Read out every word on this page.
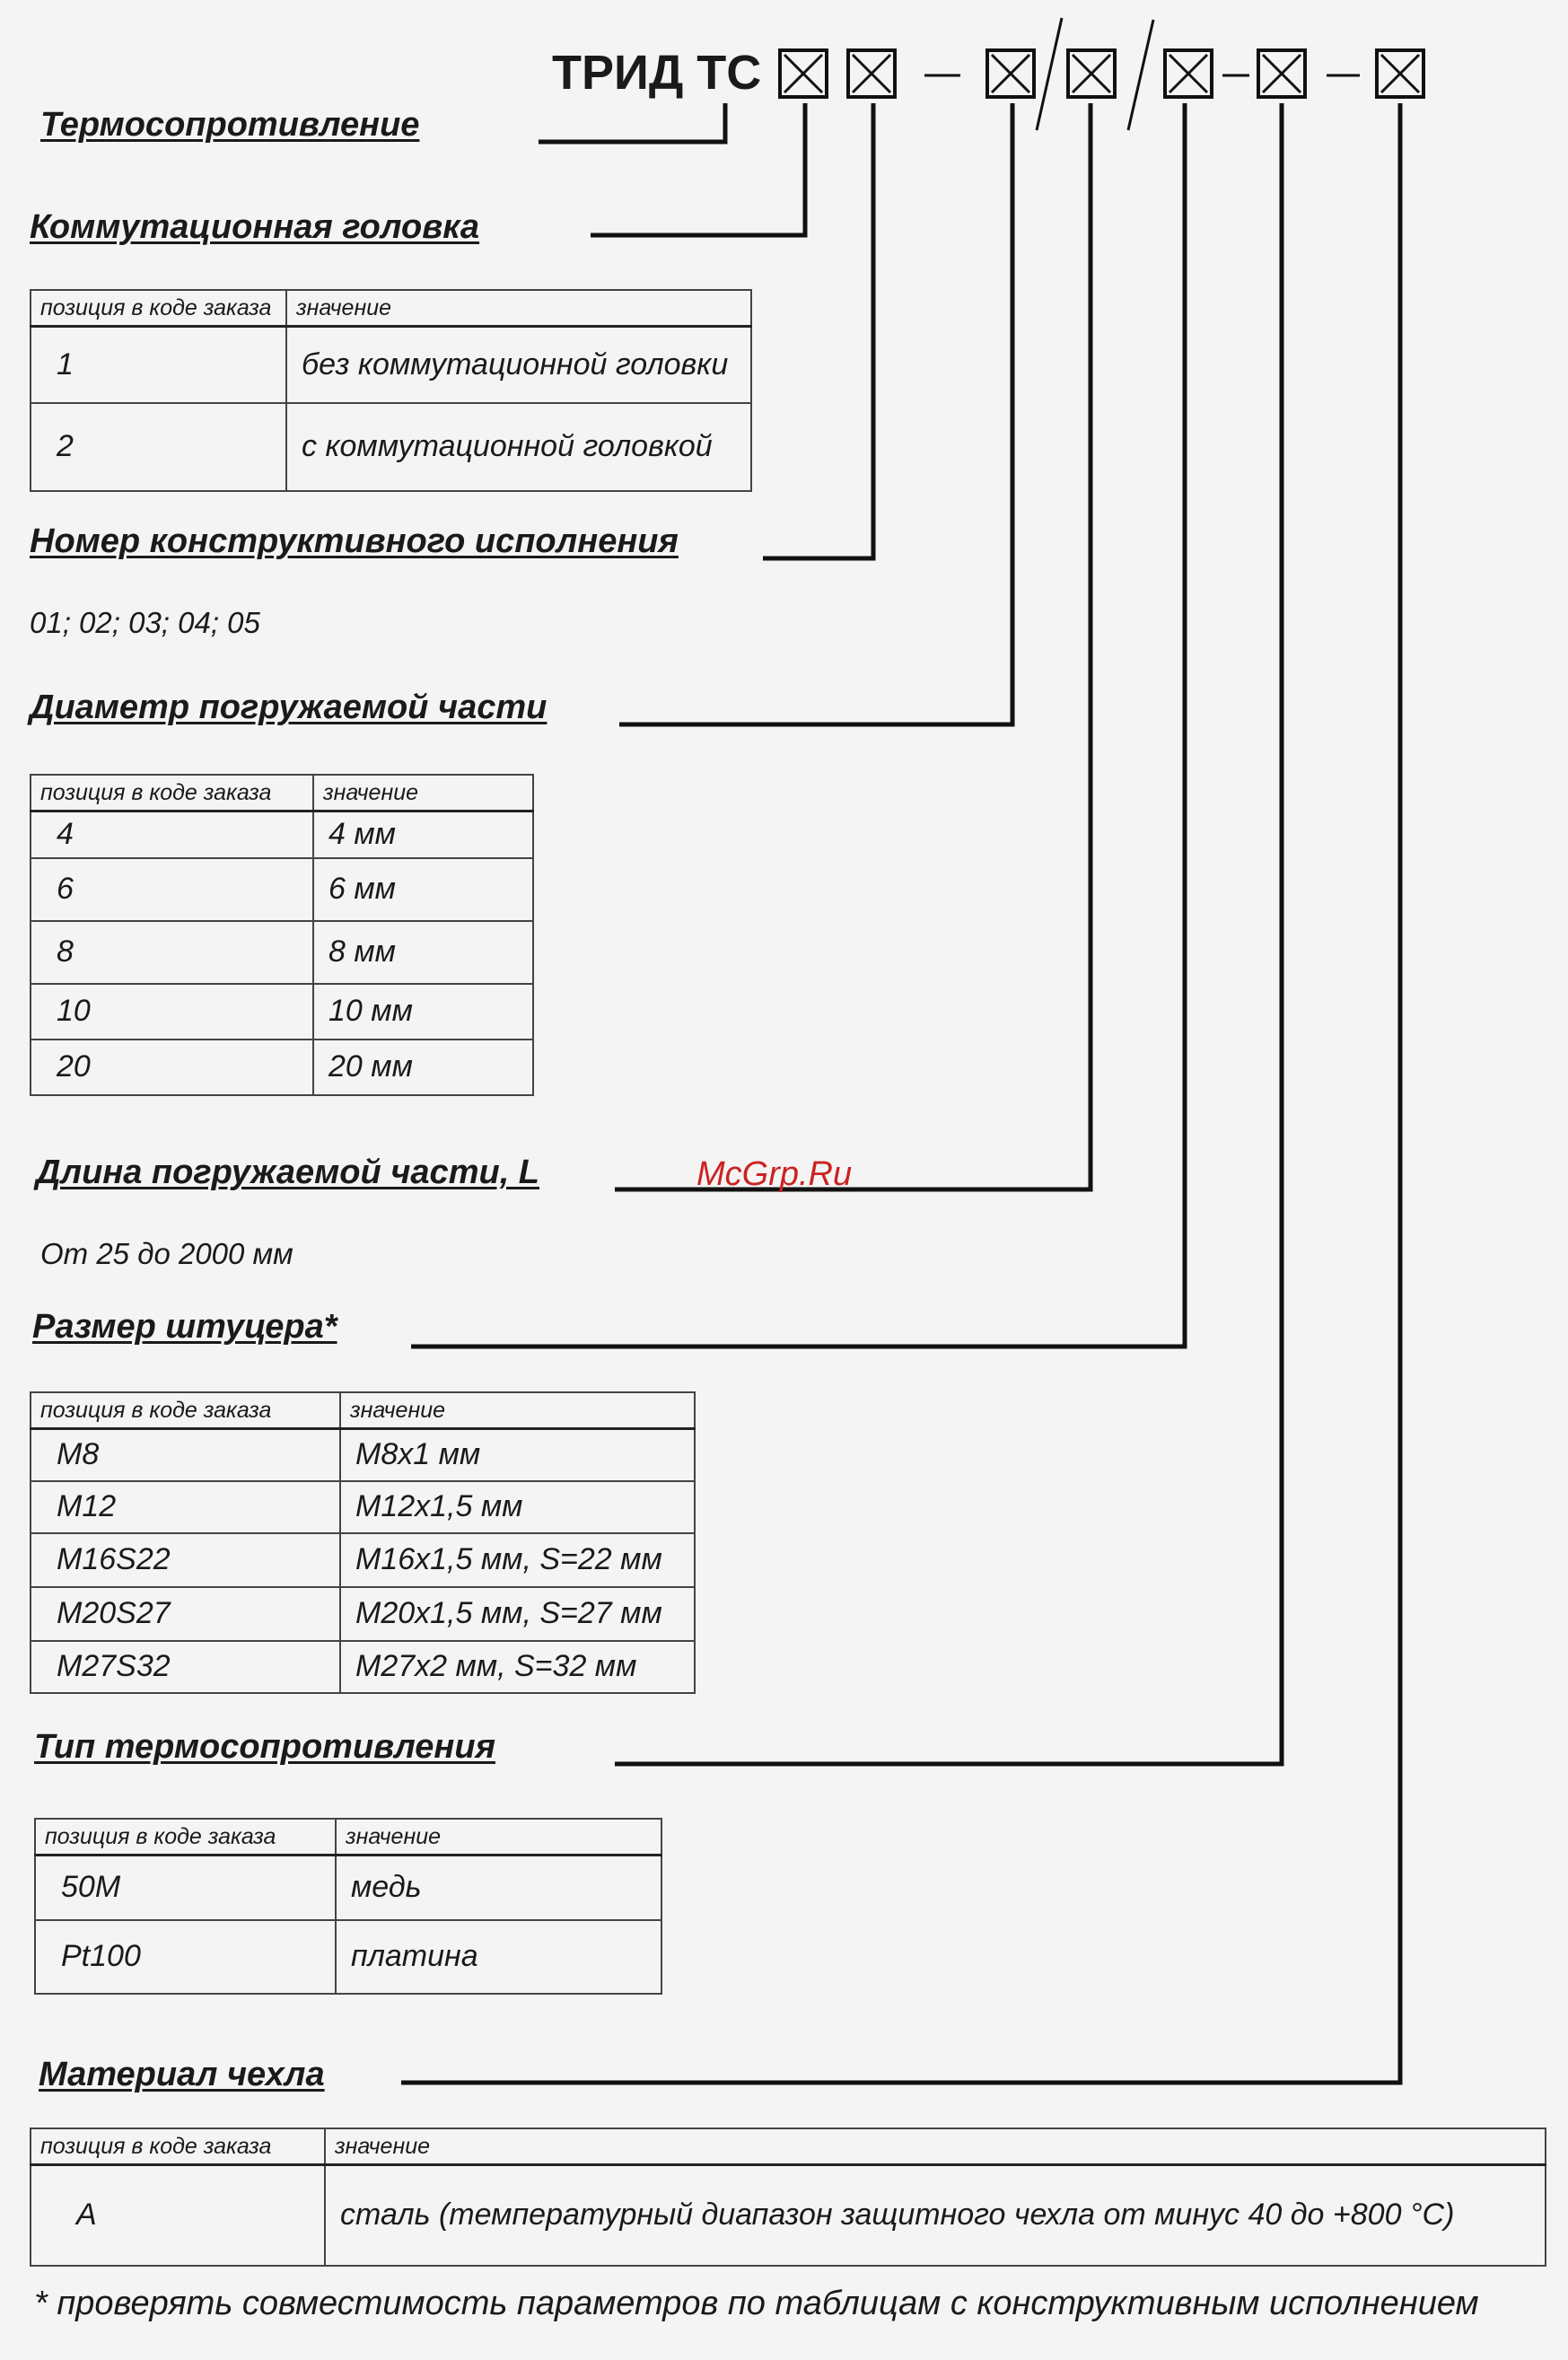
ТРИД ТС
Термосопротивление
Коммутационная головка
позиция в коде заказа	значение
1	без коммутационной головки
2	с коммутационной головкой
Номер конструктивного исполнения
01; 02; 03; 04; 05
Диаметр погружаемой части
позиция в коде заказа	значение
4	4 мм
6	6 мм
8	8 мм
10	10 мм
20	20 мм
Длина погружаемой части, L
От 25 до 2000 мм
McGrp.Ru
Размер штуцера*
позиция в коде заказа	значение
M8	М8х1 мм
M12	М12х1,5 мм
M16S22	М16х1,5 мм, S=22 мм
M20S27	М20х1,5 мм, S=27 мм
M27S32	М27х2 мм, S=32 мм
Тип термосопротивления
позиция в коде заказа	значение
50M	медь
Pt100	платина
Материал чехла
позиция в коде заказа	значение
A	сталь (температурный диапазон защитного чехла от минус 40 до +800 °С)
* проверять совместимость параметров по таблицам с конструктивным исполнением
